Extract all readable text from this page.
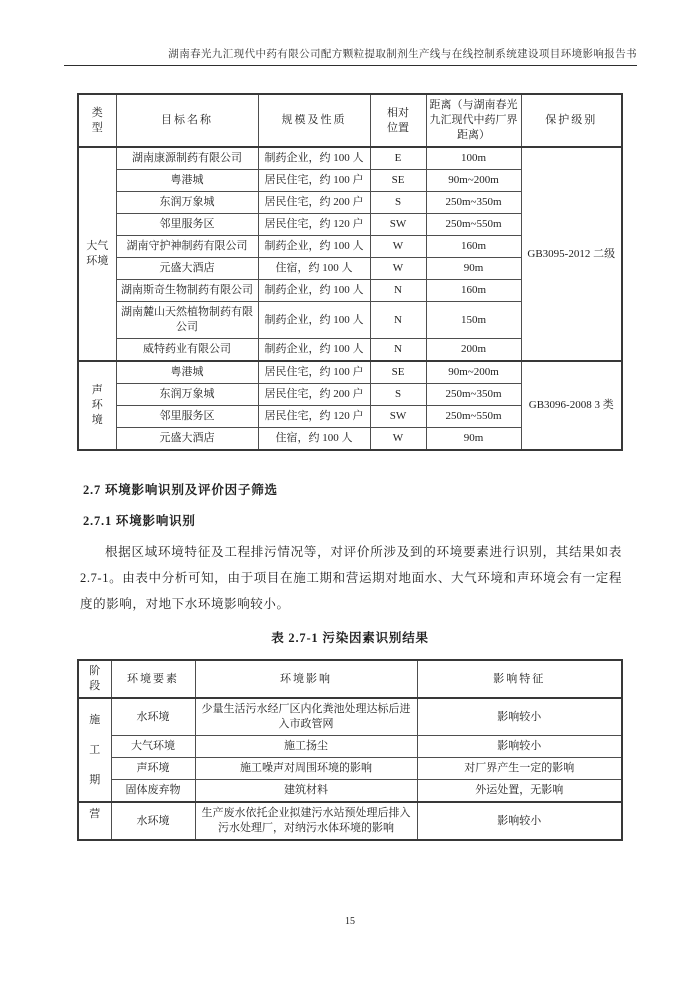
湖南春光九汇现代中药有限公司配方颗粒提取制剂生产线与在线控制系统建设项目环境影响报告书
类型	目标名称	规模及性质	相对位置	距离（与湖南春光九汇现代中药厂界距离）	保护级别
大气环境	湖南康源制药有限公司	制药企业，约 100 人	E	100m	GB3095-2012 二级
	粤港城	居民住宅，约 100 户	SE	90m~200m	
	东润万象城	居民住宅，约 200 户	S	250m~350m	
	邻里服务区	居民住宅，约 120 户	SW	250m~550m	
	湖南守护神制药有限公司	制药企业，约 100 人	W	160m	
	元盛大酒店	住宿，约 100 人	W	90m	
	湖南斯奇生物制药有限公司	制药企业，约 100 人	N	160m	
	湖南麓山天然植物制药有限公司	制药企业，约 100 人	N	150m	
	威特药业有限公司	制药企业，约 100 人	N	200m	
声环境	粤港城	居民住宅，约 100 户	SE	90m~200m	GB3096-2008 3 类
	东润万象城	居民住宅，约 200 户	S	250m~350m	
	邻里服务区	居民住宅，约 120 户	SW	250m~550m	
	元盛大酒店	住宿，约 100 人	W	90m	
2.7 环境影响识别及评价因子筛选
2.7.1 环境影响识别

根据区域环境特征及工程排污情况等，对评价所涉及到的环境要素进行识别，其结果如表2.7-1。由表中分析可知，由于项目在施工期和营运期对地面水、大气环境和声环境会有一定程度的影响，对地下水环境影响较小。

表 2.7-1 污染因素识别结果
阶段	环境要素	环境影响	影响特征
施工期	水环境	少量生活污水经厂区内化粪池处理达标后进入市政管网	影响较小
	大气环境	施工扬尘	影响较小
	声环境	施工噪声对周围环境的影响	对厂界产生一定的影响
	固体废弃物	建筑材料	外运处置，无影响
营	水环境	生产废水依托企业拟建污水站预处理后排入污水处理厂，对纳污水体环境的影响	影响较小
15
